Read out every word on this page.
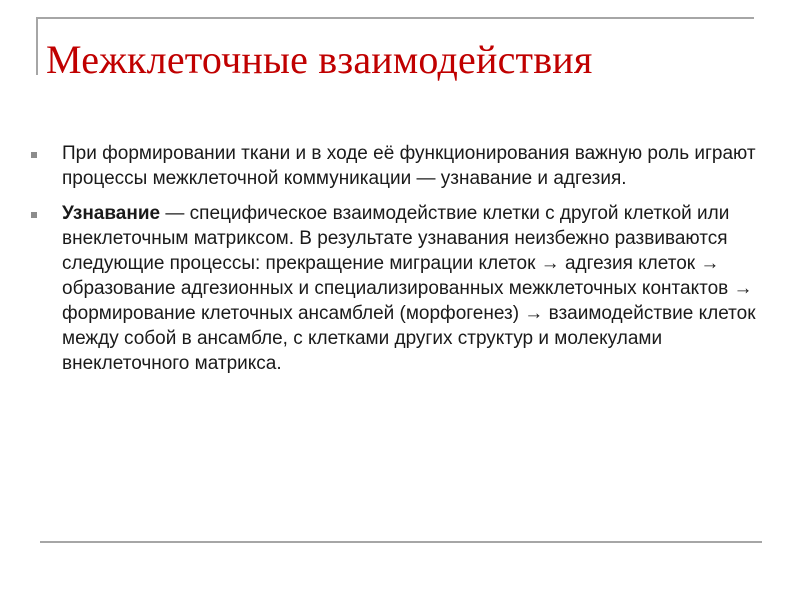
Межклеточные взаимодействия
При формировании ткани и в ходе её функционирования важную роль играют процессы межклеточной коммуникации — узнавание и адгезия.
Узнавание — специфическое взаимодействие клетки с другой клеткой или внеклеточным матриксом. В результате узнавания неизбежно развиваются следующие процессы: прекращение миграции клеток → адгезия клеток → образование адгезионных и специализированных межклеточных контактов → формирование клеточных ансамблей (морфогенез) → взаимодействие клеток между собой в ансамбле, с клетками других структур и молекулами внеклеточного матрикса.
